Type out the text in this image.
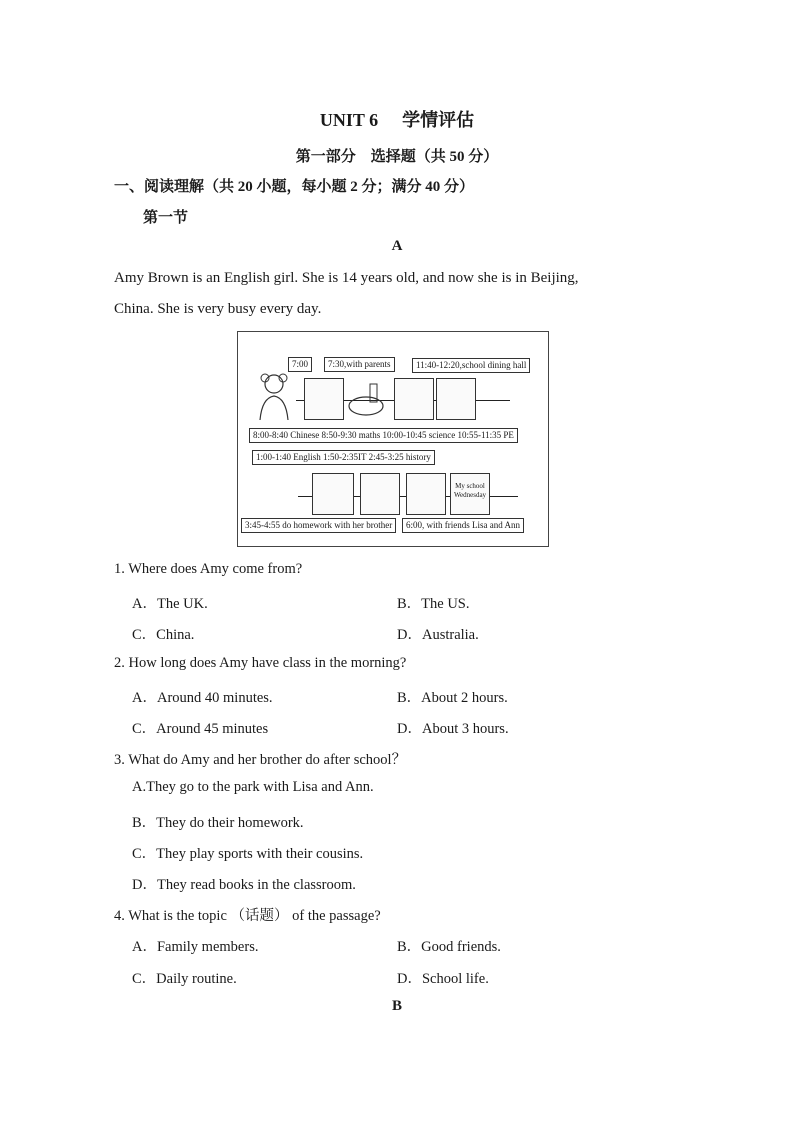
UNIT 6 学情评估
第一部分　选择题（共 50 分）
一、阅读理解（共 20 小题，每小题 2 分；满分 40 分）
第一节
A
Amy Brown is an English girl. She is 14 years old, and now she is in Beijing,
China. She is very busy every day.
7:00	7:30,with parents	11:40-12:20,school dining hall
8:00-8:40 Chinese 8:50-9:30 maths 10:00-10:45 science 10:55-11:35 PE
1:00-1:40 English 1:50-2:35IT 2:45-3:25 history
My school Wednesday
3:45-4:55 do homework with her brother	6:00, with friends Lisa and Ann
1. Where does Amy come from?
A．The UK.	B．The US.
C．China.	D．Australia.
2. How long does Amy have class in the morning?
A．Around 40 minutes.	B．About 2 hours.
C．Around 45 minutes	D．About 3 hours.
3. What do Amy and her brother do after school？
A.They go to the park with Lisa and Ann.
B．They do their homework.
C．They play sports with their cousins.
D．They read books in the classroom.
4. What is the topic （话题） of the passage?
A．Family members.	B．Good friends.
C．Daily routine.	D．School life.
B
